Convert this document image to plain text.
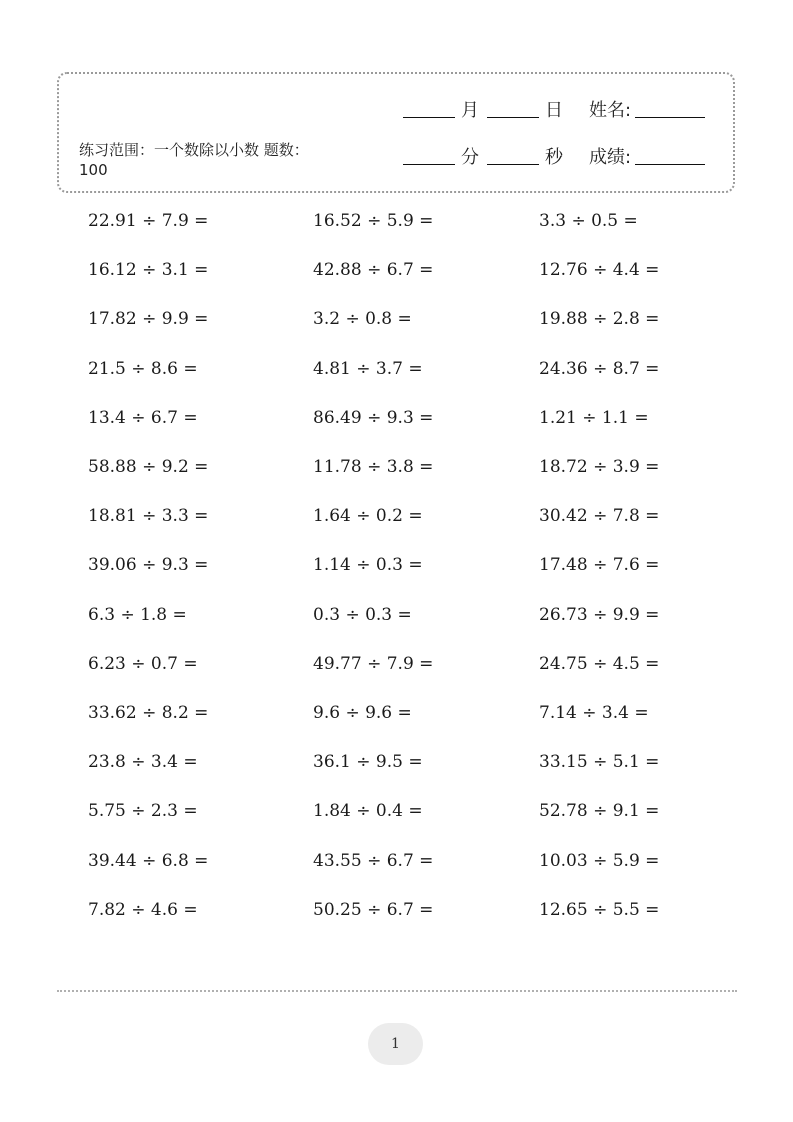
练习范围：一个数除以小数 题数：100
月	日 姓名:
分	秒 成绩:
22.91 ÷ 7.9 =	16.52 ÷ 5.9 =	3.3 ÷ 0.5 =
16.12 ÷ 3.1 =	42.88 ÷ 6.7 =	12.76 ÷ 4.4 =
17.82 ÷ 9.9 =	3.2 ÷ 0.8 =	19.88 ÷ 2.8 =
21.5 ÷ 8.6 =	4.81 ÷ 3.7 =	24.36 ÷ 8.7 =
13.4 ÷ 6.7 =	86.49 ÷ 9.3 =	1.21 ÷ 1.1 =
58.88 ÷ 9.2 =	11.78 ÷ 3.8 =	18.72 ÷ 3.9 =
18.81 ÷ 3.3 =	1.64 ÷ 0.2 =	30.42 ÷ 7.8 =
39.06 ÷ 9.3 =	1.14 ÷ 0.3 =	17.48 ÷ 7.6 =
6.3 ÷ 1.8 =	0.3 ÷ 0.3 =	26.73 ÷ 9.9 =
6.23 ÷ 0.7 =	49.77 ÷ 7.9 =	24.75 ÷ 4.5 =
33.62 ÷ 8.2 =	9.6 ÷ 9.6 =	7.14 ÷ 3.4 =
23.8 ÷ 3.4 =	36.1 ÷ 9.5 =	33.15 ÷ 5.1 =
5.75 ÷ 2.3 =	1.84 ÷ 0.4 =	52.78 ÷ 9.1 =
39.44 ÷ 6.8 =	43.55 ÷ 6.7 =	10.03 ÷ 5.9 =
7.82 ÷ 4.6 =	50.25 ÷ 6.7 =	12.65 ÷ 5.5 =
1
